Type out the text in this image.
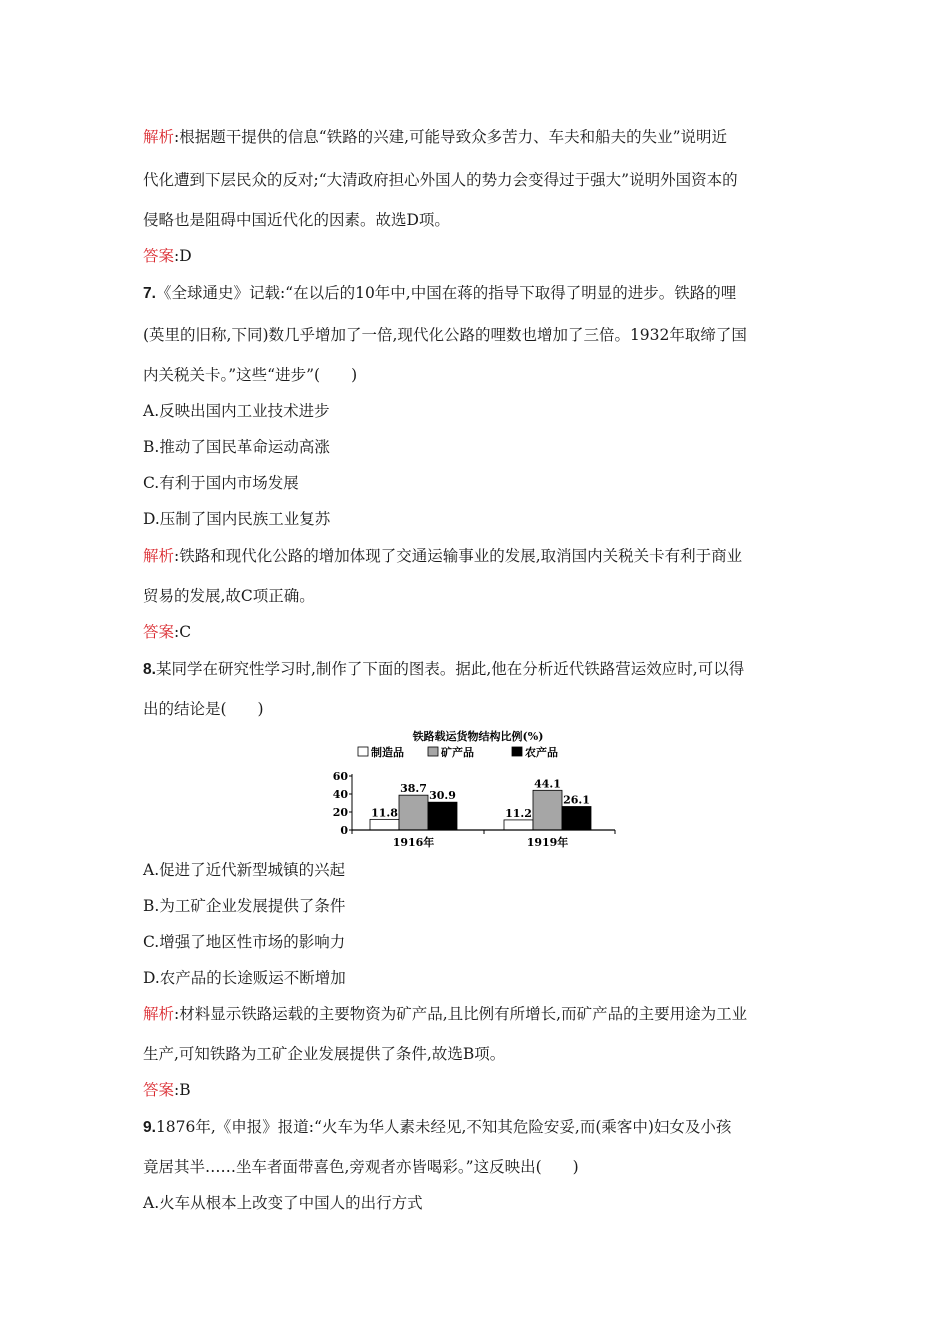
解析:根据题干提供的信息“铁路的兴建,可能导致众多苦力、车夫和船夫的失业”说明近
代化遭到下层民众的反对;“大清政府担心外国人的势力会变得过于强大”说明外国资本的
侵略也是阻碍中国近代化的因素。故选D项。
答案:D
7.《全球通史》记载:“在以后的10年中,中国在蒋的指导下取得了明显的进步。铁路的哩
(英里的旧称,下同)数几乎增加了一倍,现代化公路的哩数也增加了三倍。1932年取缔了国
内关税关卡。”这些“进步”(　　)
A.反映出国内工业技术进步
B.推动了国民革命运动高涨
C.有利于国内市场发展
D.压制了国内民族工业复苏
解析:铁路和现代化公路的增加体现了交通运输事业的发展,取消国内关税关卡有利于商业
贸易的发展,故C项正确。
答案:C
8.某同学在研究性学习时,制作了下面的图表。据此,他在分析近代铁路营运效应时,可以得
出的结论是(　　)
铁路载运货物结构比例(%)
制造品	矿产品	农产品
0
20
40
60
11.8
38.7
30.9
11.2
44.1
26.1
1916年	1919年
A.促进了近代新型城镇的兴起
B.为工矿企业发展提供了条件
C.增强了地区性市场的影响力
D.农产品的长途贩运不断增加
解析:材料显示铁路运载的主要物资为矿产品,且比例有所增长,而矿产品的主要用途为工业
生产,可知铁路为工矿企业发展提供了条件,故选B项。
答案:B
9.1876年,《申报》报道:“火车为华人素未经见,不知其危险安妥,而(乘客中)妇女及小孩
竟居其半……坐车者面带喜色,旁观者亦皆喝彩。”这反映出(　　)
A.火车从根本上改变了中国人的出行方式
